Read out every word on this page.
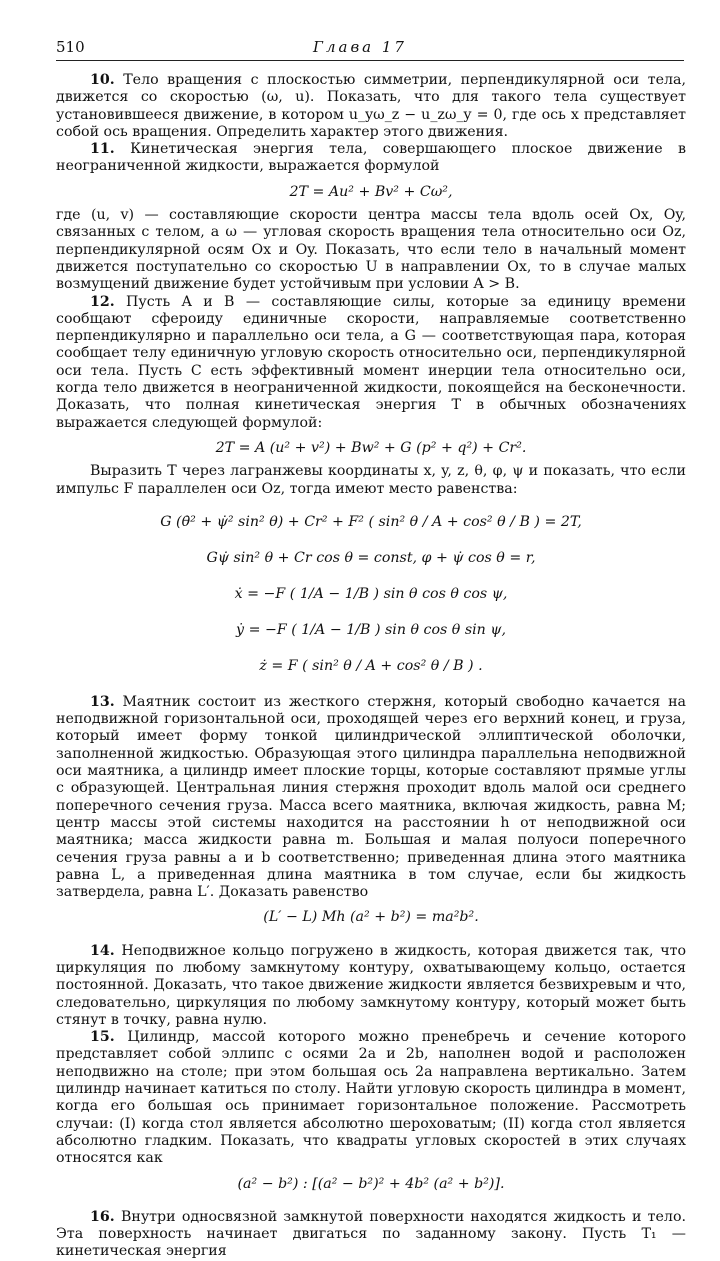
510	Глава 17

10. Тело вращения с плоскостью симметрии, перпендикулярной оси тела, движется со скоростью (ω, u). Показать, что для такого тела существует установившееся движение, в котором u_yω_z − u_zω_y = 0, где ось x представляет собой ось вращения. Определить характер этого движения.

11. Кинетическая энергия тела, совершающего плоское движение в неограниченной жидкости, выражается формулой

2T = Au² + Bv² + Cω²,

где (u, v) — составляющие скорости центра массы тела вдоль осей Ox, Oy, связанных с телом, a ω — угловая скорость вращения тела относительно оси Oz, перпендикулярной осям Ox и Oy. Показать, что если тело в начальный момент движется поступательно со скоростью U в направлении Ox, то в случае малых возмущений движение будет устойчивым при условии A > B.

12. Пусть A и B — составляющие силы, которые за единицу времени сообщают сфероиду единичные скорости, направляемые соответственно перпендикулярно и параллельно оси тела, а G — соответствующая пара, которая сообщает телу единичную угловую скорость относительно оси, перпендикулярной оси тела. Пусть C есть эффективный момент инерции тела относительно оси, когда тело движется в неограниченной жидкости, покоящейся на бесконечности. Доказать, что полная кинетическая энергия T в обычных обозначениях выражается следующей формулой:

2T = A (u² + v²) + Bw² + G (p² + q²) + Cr².

Выразить T через лагранжевы координаты x, y, z, θ, φ, ψ и показать, что если импульс F параллелен оси Oz, тогда имеют место равенства:

G (θ̇² + ψ̇² sin² θ) + Cr² + F² ( sin² θ / A + cos² θ / B ) = 2T,
Gψ̇ sin² θ + Cr cos θ = const, φ + ψ̇ cos θ = r,
ẋ = −F ( 1/A − 1/B ) sin θ cos θ cos ψ,
ẏ = −F ( 1/A − 1/B ) sin θ cos θ sin ψ,
ż = F ( sin² θ / A + cos² θ / B ) .

13. Маятник состоит из жесткого стержня, который свободно качается на неподвижной горизонтальной оси, проходящей через его верхний конец, и груза, который имеет форму тонкой цилиндрической эллиптической оболочки, заполненной жидкостью. Образующая этого цилиндра параллельна неподвижной оси маятника, а цилиндр имеет плоские торцы, которые составляют прямые углы с образующей. Центральная линия стержня проходит вдоль малой оси среднего поперечного сечения груза. Масса всего маятника, включая жидкость, равна M; центр массы этой системы находится на расстоянии h от неподвижной оси маятника; масса жидкости равна m. Большая и малая полуоси поперечного сечения груза равны a и b соответственно; приведенная длина этого маятника равна L, а приведенная длина маятника в том случае, если бы жидкость затвердела, равна L′. Доказать равенство

(L′ − L) Mh (a² + b²) = ma²b².

14. Неподвижное кольцо погружено в жидкость, которая движется так, что циркуляция по любому замкнутому контуру, охватывающему кольцо, остается постоянной. Доказать, что такое движение жидкости является безвихревым и что, следовательно, циркуляция по любому замкнутому контуру, который может быть стянут в точку, равна нулю.

15. Цилиндр, массой которого можно пренебречь и сечение которого представляет собой эллипс с осями 2a и 2b, наполнен водой и расположен неподвижно на столе; при этом большая ось 2a направлена вертикально. Затем цилиндр начинает катиться по столу. Найти угловую скорость цилиндра в момент, когда его большая ось принимает горизонтальное положение. Рассмотреть случаи: (I) когда стол является абсолютно шероховатым; (II) когда стол является абсолютно гладким. Показать, что квадраты угловых скоростей в этих случаях относятся как

(a² − b²) : [(a² − b²)² + 4b² (a² + b²)].

16. Внутри односвязной замкнутой поверхности находятся жидкость и тело. Эта поверхность начинает двигаться по заданному закону. Пусть T₁ — кинетическая энергия
